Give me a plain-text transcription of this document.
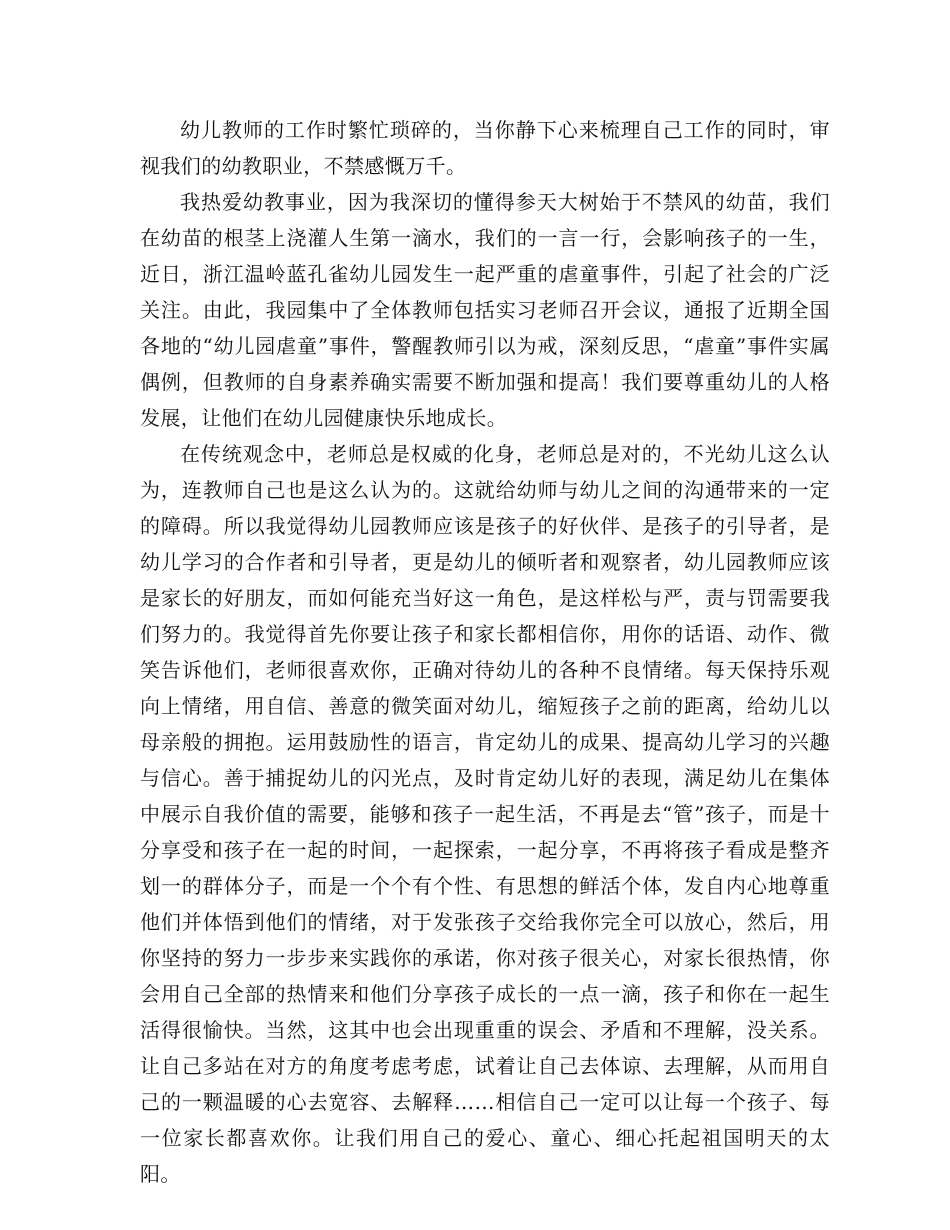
幼儿教师的工作时繁忙琐碎的，当你静下心来梳理自己工作的同时，审视我们的幼教职业，不禁感慨万千。

我热爱幼教事业，因为我深切的懂得参天大树始于不禁风的幼苗，我们在幼苗的根茎上浇灌人生第一滴水，我们的一言一行，会影响孩子的一生，近日，浙江温岭蓝孔雀幼儿园发生一起严重的虐童事件，引起了社会的广泛关注。由此，我园集中了全体教师包括实习老师召开会议，通报了近期全国各地的“幼儿园虐童”事件，警醒教师引以为戒，深刻反思，“虐童”事件实属偶例，但教师的自身素养确实需要不断加强和提高！我们要尊重幼儿的人格发展，让他们在幼儿园健康快乐地成长。

在传统观念中，老师总是权威的化身，老师总是对的，不光幼儿这么认为，连教师自己也是这么认为的。这就给幼师与幼儿之间的沟通带来的一定的障碍。所以我觉得幼儿园教师应该是孩子的好伙伴、是孩子的引导者，是幼儿学习的合作者和引导者，更是幼儿的倾听者和观察者，幼儿园教师应该是家长的好朋友，而如何能充当好这一角色，是这样松与严，责与罚需要我们努力的。我觉得首先你要让孩子和家长都相信你，用你的话语、动作、微笑告诉他们，老师很喜欢你，正确对待幼儿的各种不良情绪。每天保持乐观向上情绪，用自信、善意的微笑面对幼儿，缩短孩子之前的距离，给幼儿以母亲般的拥抱。运用鼓励性的语言，肯定幼儿的成果、提高幼儿学习的兴趣与信心。善于捕捉幼儿的闪光点，及时肯定幼儿好的表现，满足幼儿在集体中展示自我价值的需要，能够和孩子一起生活，不再是去“管”孩子，而是十分享受和孩子在一起的时间，一起探索，一起分享，不再将孩子看成是整齐划一的群体分子，而是一个个有个性、有思想的鲜活个体，发自内心地尊重他们并体悟到他们的情绪，对于发张孩子交给我你完全可以放心，然后，用你坚持的努力一步步来实践你的承诺，你对孩子很关心，对家长很热情，你会用自己全部的热情来和他们分享孩子成长的一点一滴，孩子和你在一起生活得很愉快。当然，这其中也会出现重重的误会、矛盾和不理解，没关系。让自己多站在对方的角度考虑考虑，试着让自己去体谅、去理解，从而用自己的一颗温暖的心去宽容、去解释……相信自己一定可以让每一个孩子、每一位家长都喜欢你。让我们用自己的爱心、童心、细心托起祖国明天的太阳。
